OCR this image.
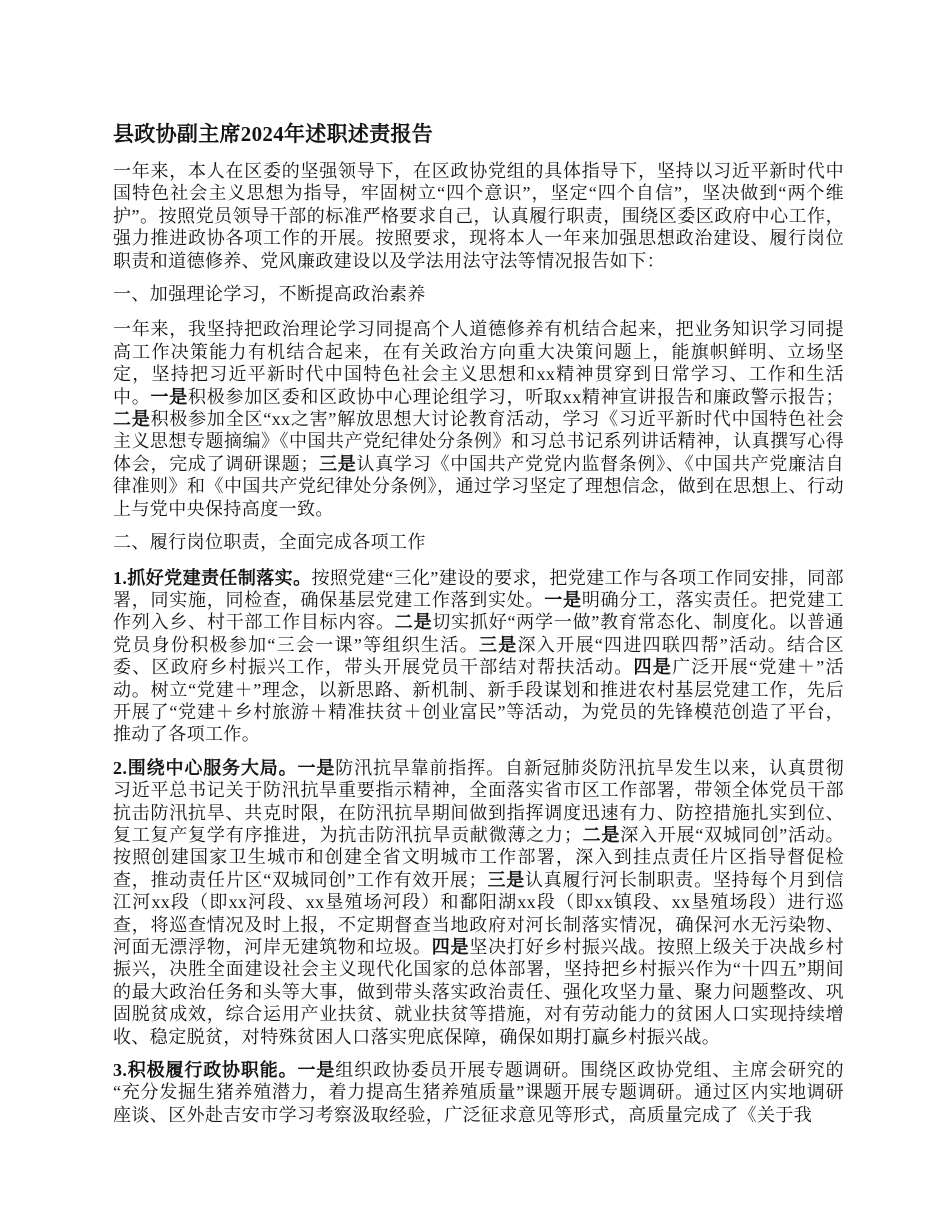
县政协副主席2024年述职述责报告

一年来，本人在区委的坚强领导下，在区政协党组的具体指导下，坚持以习近平新时代中国特色社会主义思想为指导，牢固树立“四个意识”，坚定“四个自信”，坚决做到“两个维护”。按照党员领导干部的标准严格要求自己，认真履行职责，围绕区委区政府中心工作，强力推进政协各项工作的开展。按照要求，现将本人一年来加强思想政治建设、履行岗位职责和道德修养、党风廉政建设以及学法用法守法等情况报告如下：

一、加强理论学习，不断提高政治素养

一年来，我坚持把政治理论学习同提高个人道德修养有机结合起来，把业务知识学习同提高工作决策能力有机结合起来，在有关政治方向重大决策问题上，能旗帜鲜明、立场坚定，坚持把习近平新时代中国特色社会主义思想和xx精神贯穿到日常学习、工作和生活中。一是积极参加区委和区政协中心理论组学习，听取xx精神宣讲报告和廉政警示报告；二是积极参加全区“xx之害”解放思想大讨论教育活动，学习《习近平新时代中国特色社会主义思想专题摘编》《中国共产党纪律处分条例》和习总书记系列讲话精神，认真撰写心得体会，完成了调研课题；三是认真学习《中国共产党党内监督条例》、《中国共产党廉洁自律准则》和《中国共产党纪律处分条例》，通过学习坚定了理想信念，做到在思想上、行动上与党中央保持高度一致。

二、履行岗位职责，全面完成各项工作

1.抓好党建责任制落实。按照党建“三化”建设的要求，把党建工作与各项工作同安排，同部署，同实施，同检查，确保基层党建工作落到实处。一是明确分工，落实责任。把党建工作列入乡、村干部工作目标内容。二是切实抓好“两学一做”教育常态化、制度化。以普通党员身份积极参加“三会一课”等组织生活。三是深入开展“四进四联四帮”活动。结合区委、区政府乡村振兴工作，带头开展党员干部结对帮扶活动。四是广泛开展“党建＋”活动。树立“党建＋”理念，以新思路、新机制、新手段谋划和推进农村基层党建工作，先后开展了“党建＋乡村旅游＋精准扶贫＋创业富民”等活动，为党员的先锋模范创造了平台，推动了各项工作。

2.围绕中心服务大局。一是防汛抗旱靠前指挥。自新冠肺炎防汛抗旱发生以来，认真贯彻习近平总书记关于防汛抗旱重要指示精神，全面落实省市区工作部署，带领全体党员干部抗击防汛抗旱、共克时限，在防汛抗旱期间做到指挥调度迅速有力、防控措施扎实到位、复工复产复学有序推进，为抗击防汛抗旱贡献微薄之力；二是深入开展“双城同创”活动。按照创建国家卫生城市和创建全省文明城市工作部署，深入到挂点责任片区指导督促检查，推动责任片区“双城同创”工作有效开展；三是认真履行河长制职责。坚持每个月到信江河xx段（即xx河段、xx垦殖场河段）和鄱阳湖xx段（即xx镇段、xx垦殖场段）进行巡查，将巡查情况及时上报，不定期督查当地政府对河长制落实情况，确保河水无污染物、河面无漂浮物，河岸无建筑物和垃圾。四是坚决打好乡村振兴战。按照上级关于决战乡村振兴，决胜全面建设社会主义现代化国家的总体部署，坚持把乡村振兴作为“十四五”期间的最大政治任务和头等大事，做到带头落实政治责任、强化攻坚力量、聚力问题整改、巩固脱贫成效，综合运用产业扶贫、就业扶贫等措施，对有劳动能力的贫困人口实现持续增收、稳定脱贫，对特殊贫困人口落实兜底保障，确保如期打赢乡村振兴战。

3.积极履行政协职能。一是组织政协委员开展专题调研。围绕区政协党组、主席会研究的“充分发掘生猪养殖潜力，着力提高生猪养殖质量”课题开展专题调研。通过区内实地调研座谈、区外赴吉安市学习考察汲取经验，广泛征求意见等形式，高质量完成了《关于我
